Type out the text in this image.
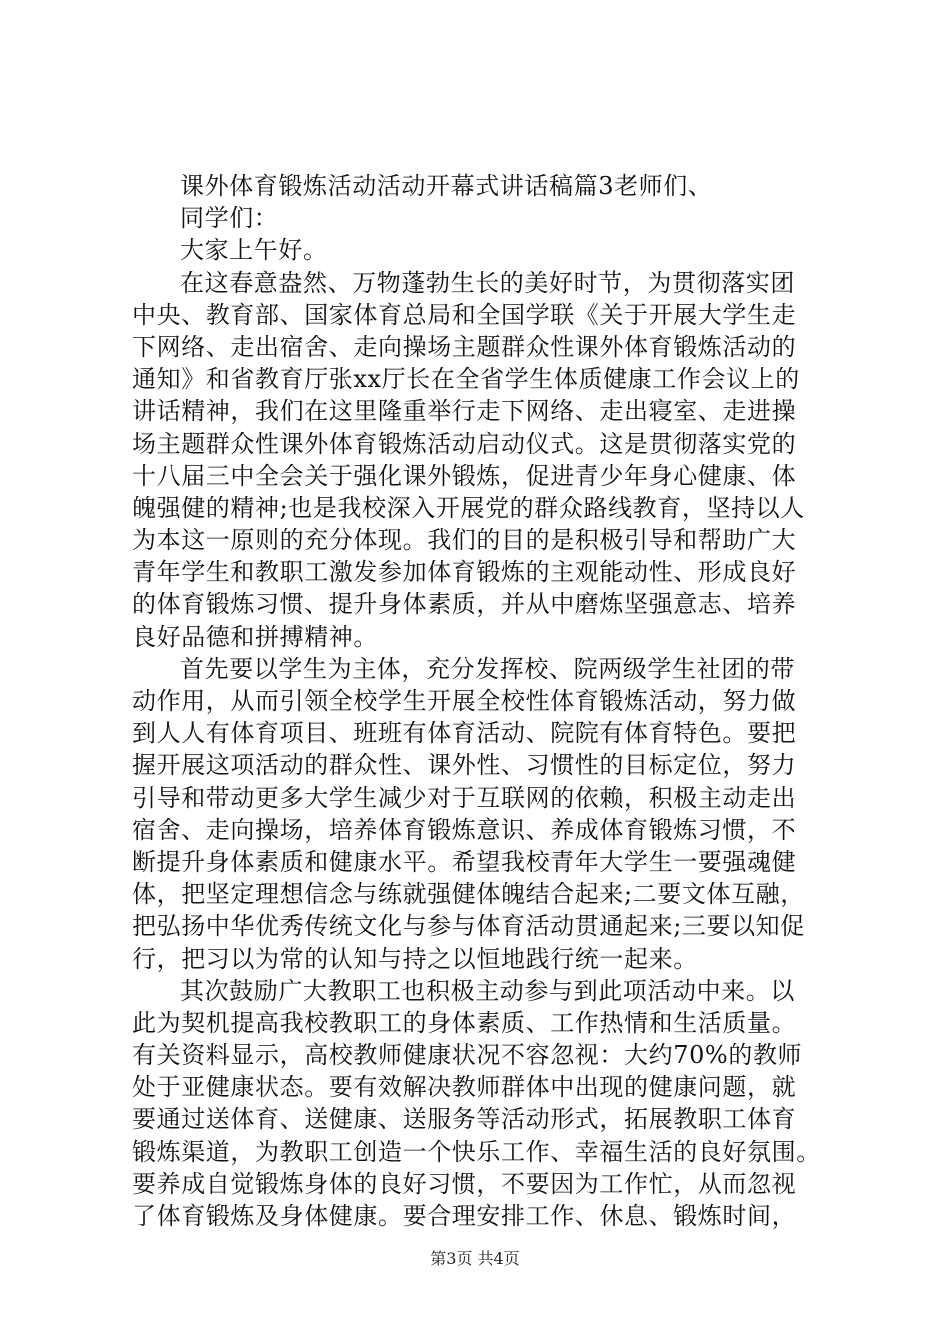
课外体育锻炼活动活动开幕式讲话稿篇3老师们、
同学们：
大家上午好。
在这春意盎然、万物蓬勃生长的美好时节，为贯彻落实团
中央、教育部、国家体育总局和全国学联《关于开展大学生走
下网络、走出宿舍、走向操场主题群众性课外体育锻炼活动的
通知》和省教育厅张xx厅长在全省学生体质健康工作会议上的
讲话精神，我们在这里隆重举行走下网络、走出寝室、走进操
场主题群众性课外体育锻炼活动启动仪式。这是贯彻落实党的
十八届三中全会关于强化课外锻炼，促进青少年身心健康、体
魄强健的精神;也是我校深入开展党的群众路线教育，坚持以人
为本这一原则的充分体现。我们的目的是积极引导和帮助广大
青年学生和教职工激发参加体育锻炼的主观能动性、形成良好
的体育锻炼习惯、提升身体素质，并从中磨炼坚强意志、培养
良好品德和拼搏精神。
首先要以学生为主体，充分发挥校、院两级学生社团的带
动作用，从而引领全校学生开展全校性体育锻炼活动，努力做
到人人有体育项目、班班有体育活动、院院有体育特色。要把
握开展这项活动的群众性、课外性、习惯性的目标定位，努力
引导和带动更多大学生减少对于互联网的依赖，积极主动走出
宿舍、走向操场，培养体育锻炼意识、养成体育锻炼习惯，不
断提升身体素质和健康水平。希望我校青年大学生一要强魂健
体，把坚定理想信念与练就强健体魄结合起来;二要文体互融，
把弘扬中华优秀传统文化与参与体育活动贯通起来;三要以知促
行，把习以为常的认知与持之以恒地践行统一起来。
其次鼓励广大教职工也积极主动参与到此项活动中来。以
此为契机提高我校教职工的身体素质、工作热情和生活质量。
有关资料显示，高校教师健康状况不容忽视：大约70%的教师
处于亚健康状态。要有效解决教师群体中出现的健康问题，就
要通过送体育、送健康、送服务等活动形式，拓展教职工体育
锻炼渠道，为教职工创造一个快乐工作、幸福生活的良好氛围。
要养成自觉锻炼身体的良好习惯，不要因为工作忙，从而忽视
了体育锻炼及身体健康。要合理安排工作、休息、锻炼时间，
第3页 共4页
